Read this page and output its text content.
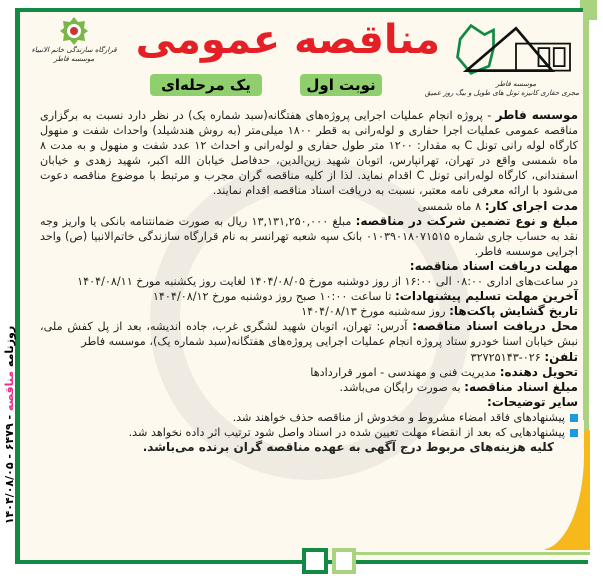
موسسه فاطر
مجری حفاری کانیزه تونل های طویل و بیگ روز عمیق
مناقصه عمومی
نوبت اول
یک مرحله‌ای
قرارگاه سازندگی خاتم الانبیاء
موسسه فاطر

موسسه فاطر - پروژه انجام عملیات اجرایی پروژه‌های هفتگانه(سبد شماره یک) در نظر دارد نسبت به برگزاری مناقصه عمومی عملیات اجرا حفاری و لوله‌رانی به قطر ۱۸۰۰ میلی‌متر (به روش هندشیلد) واحداث شفت و منهول کارگاه لوله رانی تونل C به مقدار: ۱۲۰۰ متر طول حفاری و لوله‌رانی و احداث ۱۲ عدد شفت و منهول و به مدت ۸ ماه شمسی واقع در تهران، تهرانپارس، اتوبان شهید زین‌الدین، حدفاصل خیابان الله اکبر، شهید زهدی و خیابان اسفندانی، کارگاه لوله‌رانی تونل C اقدام نماید. لذا از کلیه مناقصه گران مجرب و مرتبط با موضوع مناقصه دعوت می‌شود با ارائه معرفی نامه معتبر، نسبت به دریافت اسناد مناقصه اقدام نمایند.

مدت اجرای کار: ۸ ماه شمسی

مبلغ و نوع تضمین شرکت در مناقصه: مبلغ ۱۳,۱۳۱,۲۵۰,۰۰۰ ریال به صورت ضمانتنامه بانکی یا واریز وجه نقد به حساب جاری شماره ۰۱۰۳۹۰۱۸۰۷۱۵۱۵ بانک سپه شعبه تهرانسر به نام قرارگاه سازندگی خاتم‌الانبیا (ص) واحد اجرایی موسسه فاطر.

مهلت دریافت اسناد مناقصه:

در ساعت‌های اداری ۰۸:۰۰ الی ۱۶:۰۰ از روز دوشنبه مورخ ۱۴۰۴/۰۸/۰۵ لغایت روز یکشنبه مورخ ۱۴۰۴/۰۸/۱۱

آخرین مهلت تسلیم پیشنهادات: تا ساعت ۱۰:۰۰ صبح روز دوشنبه مورخ ۱۴۰۴/۰۸/۱۲

تاریخ گشایش پاکت‌ها: روز سه‌شنبه مورخ ۱۴۰۴/۰۸/۱۳

محل دریافت اسناد مناقصه: آدرس: تهران، اتوبان شهید لشگری غرب، جاده اندیشه، بعد از پل کفش ملی، نبش خیابان اسنا خودرو ستاد پروژه انجام عملیات اجرایی پروژه‌های هفتگانه(سبد شماره یک)، موسسه فاطر

تلفن: ۰۲۶-۳۲۷۲۵۱۴۳

تحویل دهنده: مدیریت فنی و مهندسی - امور قراردادها

مبلغ اسناد مناقصه: به صورت رایگان می‌باشد.

سایر توضیحات:

پیشنهادهای فاقد امضاء مشروط و مخدوش از مناقصه حذف خواهند شد.

پیشنهادهایی که بعد از انقضاء مهلت تعیین شده در اسناد واصل شود ترتیب اثر داده نخواهد شد.

کلیه هزینه‌های مربوط درج آگهی به عهده مناقصه گران برنده می‌باشد.

روزنامه مناقصه - ۶۴۷۹ - ۱۴۰۴/۰۸/۰۵
